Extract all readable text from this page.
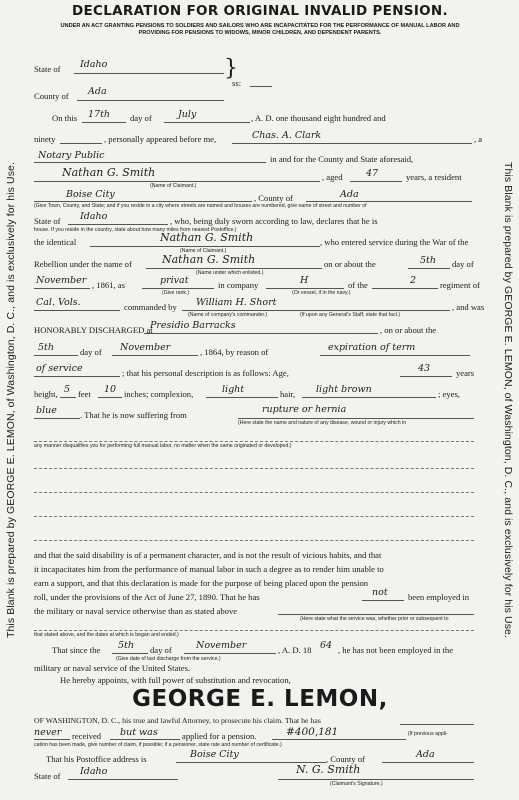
DECLARATION FOR ORIGINAL INVALID PENSION.
UNDER AN ACT GRANTING PENSIONS TO SOLDIERS AND SAILORS WHO ARE INCAPACITATED FOR THE PERFORMANCE OF MANUAL LABOR AND
PROVIDING FOR PENSIONS TO WIDOWS, MINOR CHILDREN, AND DEPENDENT PARENTS.
This Blank is prepared by GEORGE E. LEMON, of Washington, D. C., and is exclusively for his Use.	This Blank is prepared by GEORGE E. LEMON, of Washington, D. C., and is exclusively for his Use.
State of Idaho
County of Ada
}
ss:
On this 17th day of	July	, A. D. one thousand eight hundred and
ninety	, personally appeared before me,	Chas. A. Clark	, a
Notary Public	in and for the County and State aforesaid,
Nathan G. Smith
(Name of Claimant.)
, aged 47	years, a resident
Boise City	, County of	Ada
(Give Town, County, and State; and if you reside in a city where streets are named and houses are numbered, give name of street and number of
State of Idaho	, who, being duly sworn according to law, declares that he is
house. If you reside in the country, state about how many miles from nearest Postoffice.)
the identical	Nathan G. Smith
(Name of Claimant.)
, who entered service during the War of the
Rebellion under the name of	Nathan G. Smith
(Name under which enlisted.)
on or about the	5th day of
November , 1861, as	privat
(Give rank.)
in company	H
(Or vessel, if in the navy.)
of the	2	regiment of
Cal. Vols.	commanded by William H. Short
(Name of company's commander.)	(If upon any General's Staff, state that fact.)
, and was
HONORABLY DISCHARGED at
Presidio Barracks	, on or about the
5th	day of November	, 1864, by reason of	expiration of term
of service	; that his personal description is as follows: Age,	43	years
height, 5 feet 10 inches; complexion,	light	hair, light brown	; eyes,
blue	. That he is now suffering from	rupture or hernia
(Here state the name and nature of any disease, wound or injury which in
any manner disqualifies you for performing full manual labor, no matter when the same originated or developed.)
and that the said disability is of a permanent character, and is not the result of vicious habits, and that
it incapacitates him from the performance of manual labor in such a degree as to render him unable to
earn a support, and that this declaration is made for the purpose of being placed upon the pension
roll, under the provisions of the Act of June 27, 1890. That he has	not been employed in
the military or naval service otherwise than as stated above
(Here state what the service was, whether prior or subsequent to
that stated above, and the dates at which is began and ended.)
That since the 5th day of	November	, A. D. 18 64 , he has not been employed in the
(Give date of last discharge from the service.)
military or naval service of the United States.
He hereby appoints, with full power of substitution and revocation,
GEORGE E. LEMON,
OF WASHINGTON, D. C., his true and lawful Attorney, to prosecute his claim. That he has
never received but was	applied for a pension.	#400,181	(If previous appli-
cation has been made, give number of claim, if possible; if a pensioner, state rate and number of certificate.)
That his Postoffice address is	Boise City	, County of	Ada
State of Idaho	N. G. Smith
(Claimant's Signature.)
